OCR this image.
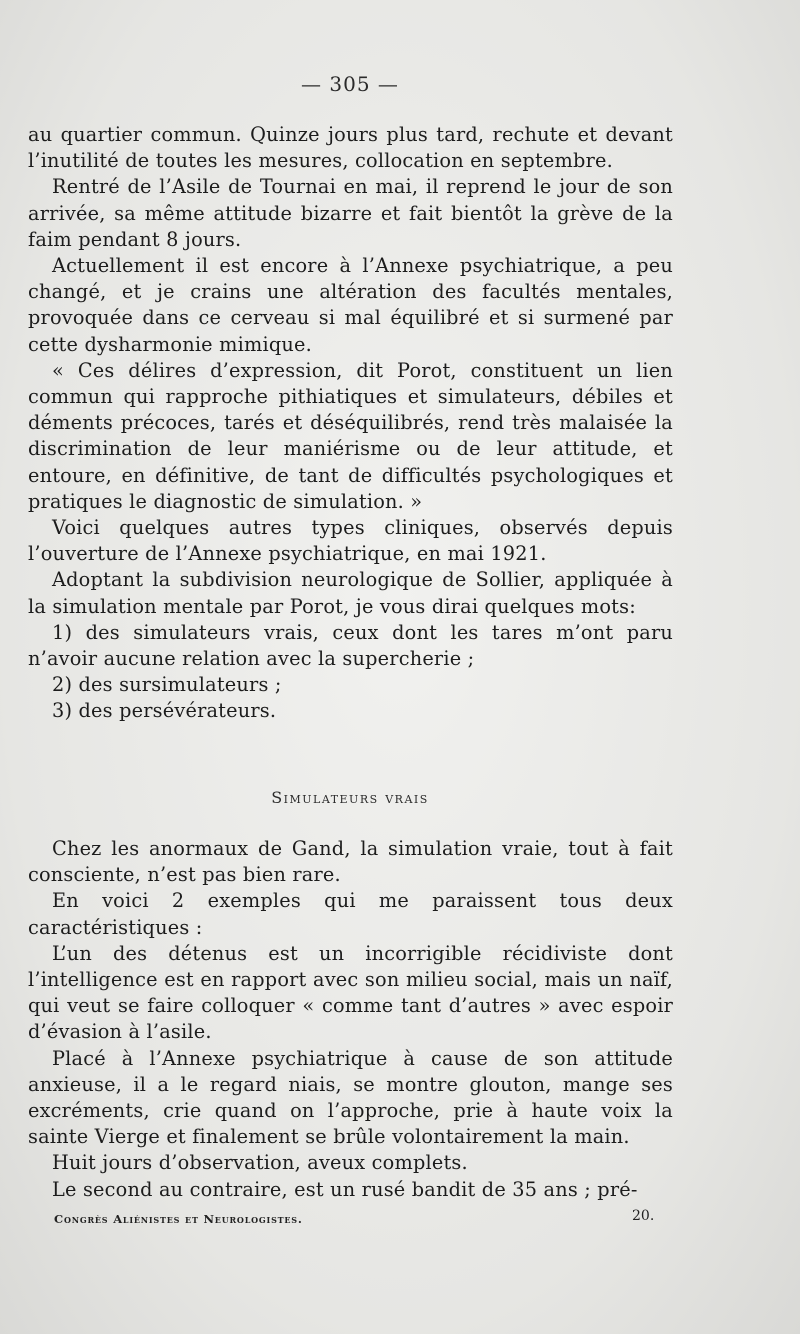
— 305 —

au quartier commun. Quinze jours plus tard, rechute et devant l’inutilité de toutes les mesures, collocation en septembre.

Rentré de l’Asile de Tournai en mai, il reprend le jour de son arrivée, sa même attitude bizarre et fait bientôt la grève de la faim pendant 8 jours.

Actuellement il est encore à l’Annexe psychiatrique, a peu changé, et je crains une altération des facultés mentales, provoquée dans ce cerveau si mal équilibré et si surmené par cette dysharmonie mimique.

« Ces délires d’expression, dit Porot, constituent un lien commun qui rapproche pithiatiques et simulateurs, débiles et déments précoces, tarés et déséquilibrés, rend très malaisée la discrimination de leur maniérisme ou de leur attitude, et entoure, en définitive, de tant de difficultés psychologiques et pratiques le diagnostic de simulation. »

Voici quelques autres types cliniques, observés depuis l’ouverture de l’Annexe psychiatrique, en mai 1921.

Adoptant la subdivision neurologique de Sollier, appliquée à la simulation mentale par Porot, je vous dirai quelques mots:

1) des simulateurs vrais, ceux dont les tares m’ont paru n’avoir aucune relation avec la supercherie ;

2) des sursimulateurs ;

3) des persévérateurs.

Simulateurs vrais

Chez les anormaux de Gand, la simulation vraie, tout à fait consciente, n’est pas bien rare.

En voici 2 exemples qui me paraissent tous deux caractéristiques :

L’un des détenus est un incorrigible récidiviste dont l’intelligence est en rapport avec son milieu social, mais un naïf, qui veut se faire colloquer « comme tant d’autres » avec espoir d’évasion à l’asile.

Placé à l’Annexe psychiatrique à cause de son attitude anxieuse, il a le regard niais, se montre glouton, mange ses excréments, crie quand on l’approche, prie à haute voix la sainte Vierge et finalement se brûle volontairement la main.

Huit jours d’observation, aveux complets.

Le second au contraire, est un rusé bandit de 35 ans ; pré-

Congrès Aliénistes et Neurologistes.	20.
